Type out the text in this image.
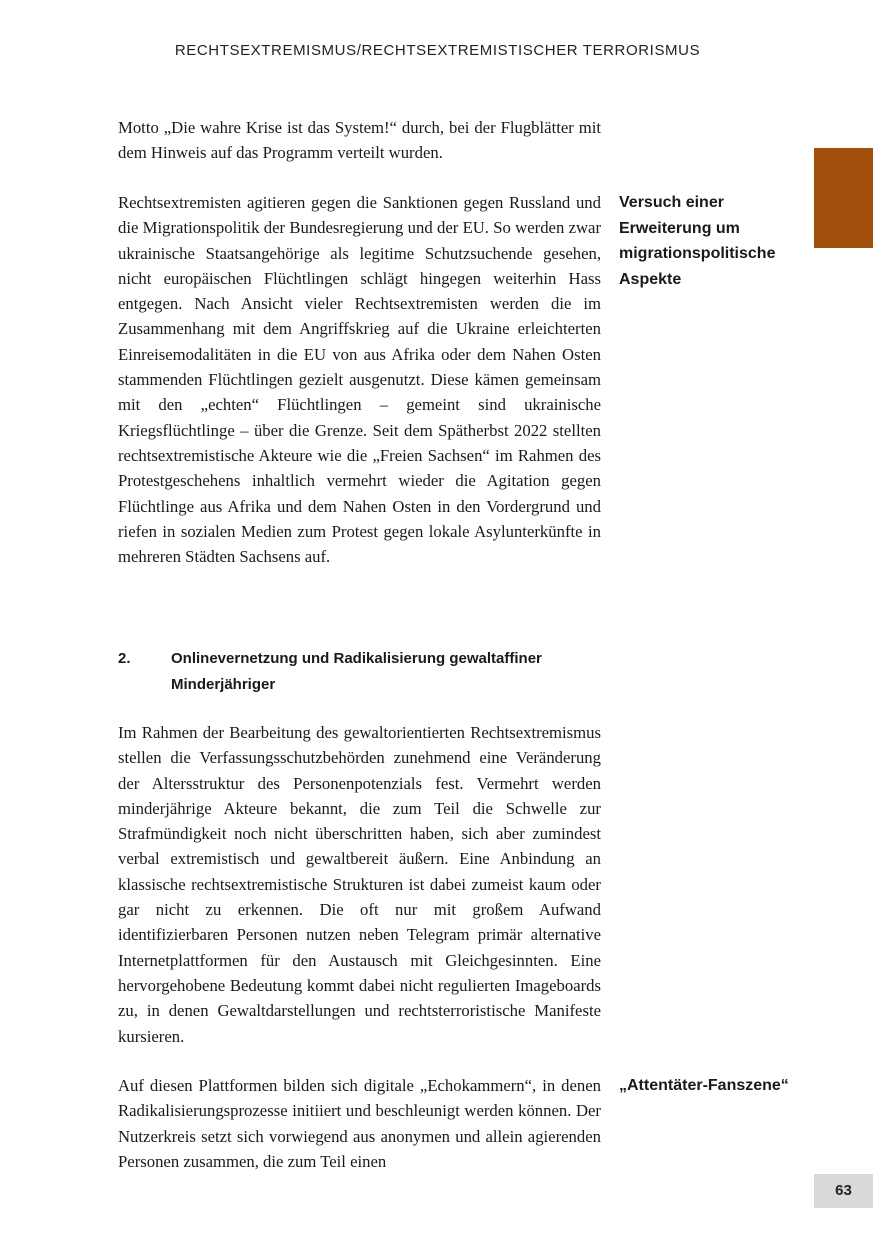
RECHTSEXTREMISMUS/RECHTSEXTREMISTISCHER TERRORISMUS

Motto „Die wahre Krise ist das System!“ durch, bei der Flugblätter mit dem Hinweis auf das Programm verteilt wurden.

Rechtsextremisten agitieren gegen die Sanktionen gegen Russland und die Migrationspolitik der Bundesregierung und der EU. So werden zwar ukrainische Staatsangehörige als legitime Schutzsuchende gesehen, nicht europäischen Flüchtlingen schlägt hingegen weiterhin Hass entgegen. Nach Ansicht vieler Rechtsextremisten werden die im Zusammenhang mit dem Angriffskrieg auf die Ukraine erleichterten Einreisemodalitäten in die EU von aus Afrika oder dem Nahen Osten stammenden Flüchtlingen gezielt ausgenutzt. Diese kämen gemeinsam mit den „echten“ Flüchtlingen – gemeint sind ukrainische Kriegsflüchtlinge – über die Grenze. Seit dem Spätherbst 2022 stellten rechtsextremistische Akteure wie die „Freien Sachsen“ im Rahmen des Protestgeschehens inhaltlich vermehrt wieder die Agitation gegen Flüchtlinge aus Afrika und dem Nahen Osten in den Vordergrund und riefen in sozialen Medien zum Protest gegen lokale Asylunterkünfte in mehreren Städten Sachsens auf.

Versuch einer Erweiterung um migrationspolitische Aspekte
2.	Onlinevernetzung und Radikalisierung gewaltaffiner Minderjähriger

Im Rahmen der Bearbeitung des gewaltorientierten Rechtsextremismus stellen die Verfassungsschutzbehörden zunehmend eine Veränderung der Altersstruktur des Personenpotenzials fest. Vermehrt werden minderjährige Akteure bekannt, die zum Teil die Schwelle zur Strafmündigkeit noch nicht überschritten haben, sich aber zumindest verbal extremistisch und gewaltbereit äußern. Eine Anbindung an klassische rechtsextremistische Strukturen ist dabei zumeist kaum oder gar nicht zu erkennen. Die oft nur mit großem Aufwand identifizierbaren Personen nutzen neben Telegram primär alternative Internetplattformen für den Austausch mit Gleichgesinnten. Eine hervorgehobene Bedeutung kommt dabei nicht regulierten Imageboards zu, in denen Gewaltdarstellungen und rechtsterroristische Manifeste kursieren.

Auf diesen Plattformen bilden sich digitale „Echokammern“, in denen Radikalisierungsprozesse initiiert und beschleunigt werden können. Der Nutzerkreis setzt sich vorwiegend aus anonymen und allein agierenden Personen zusammen, die zum Teil einen

„Attentäter-Fanszene“
63
